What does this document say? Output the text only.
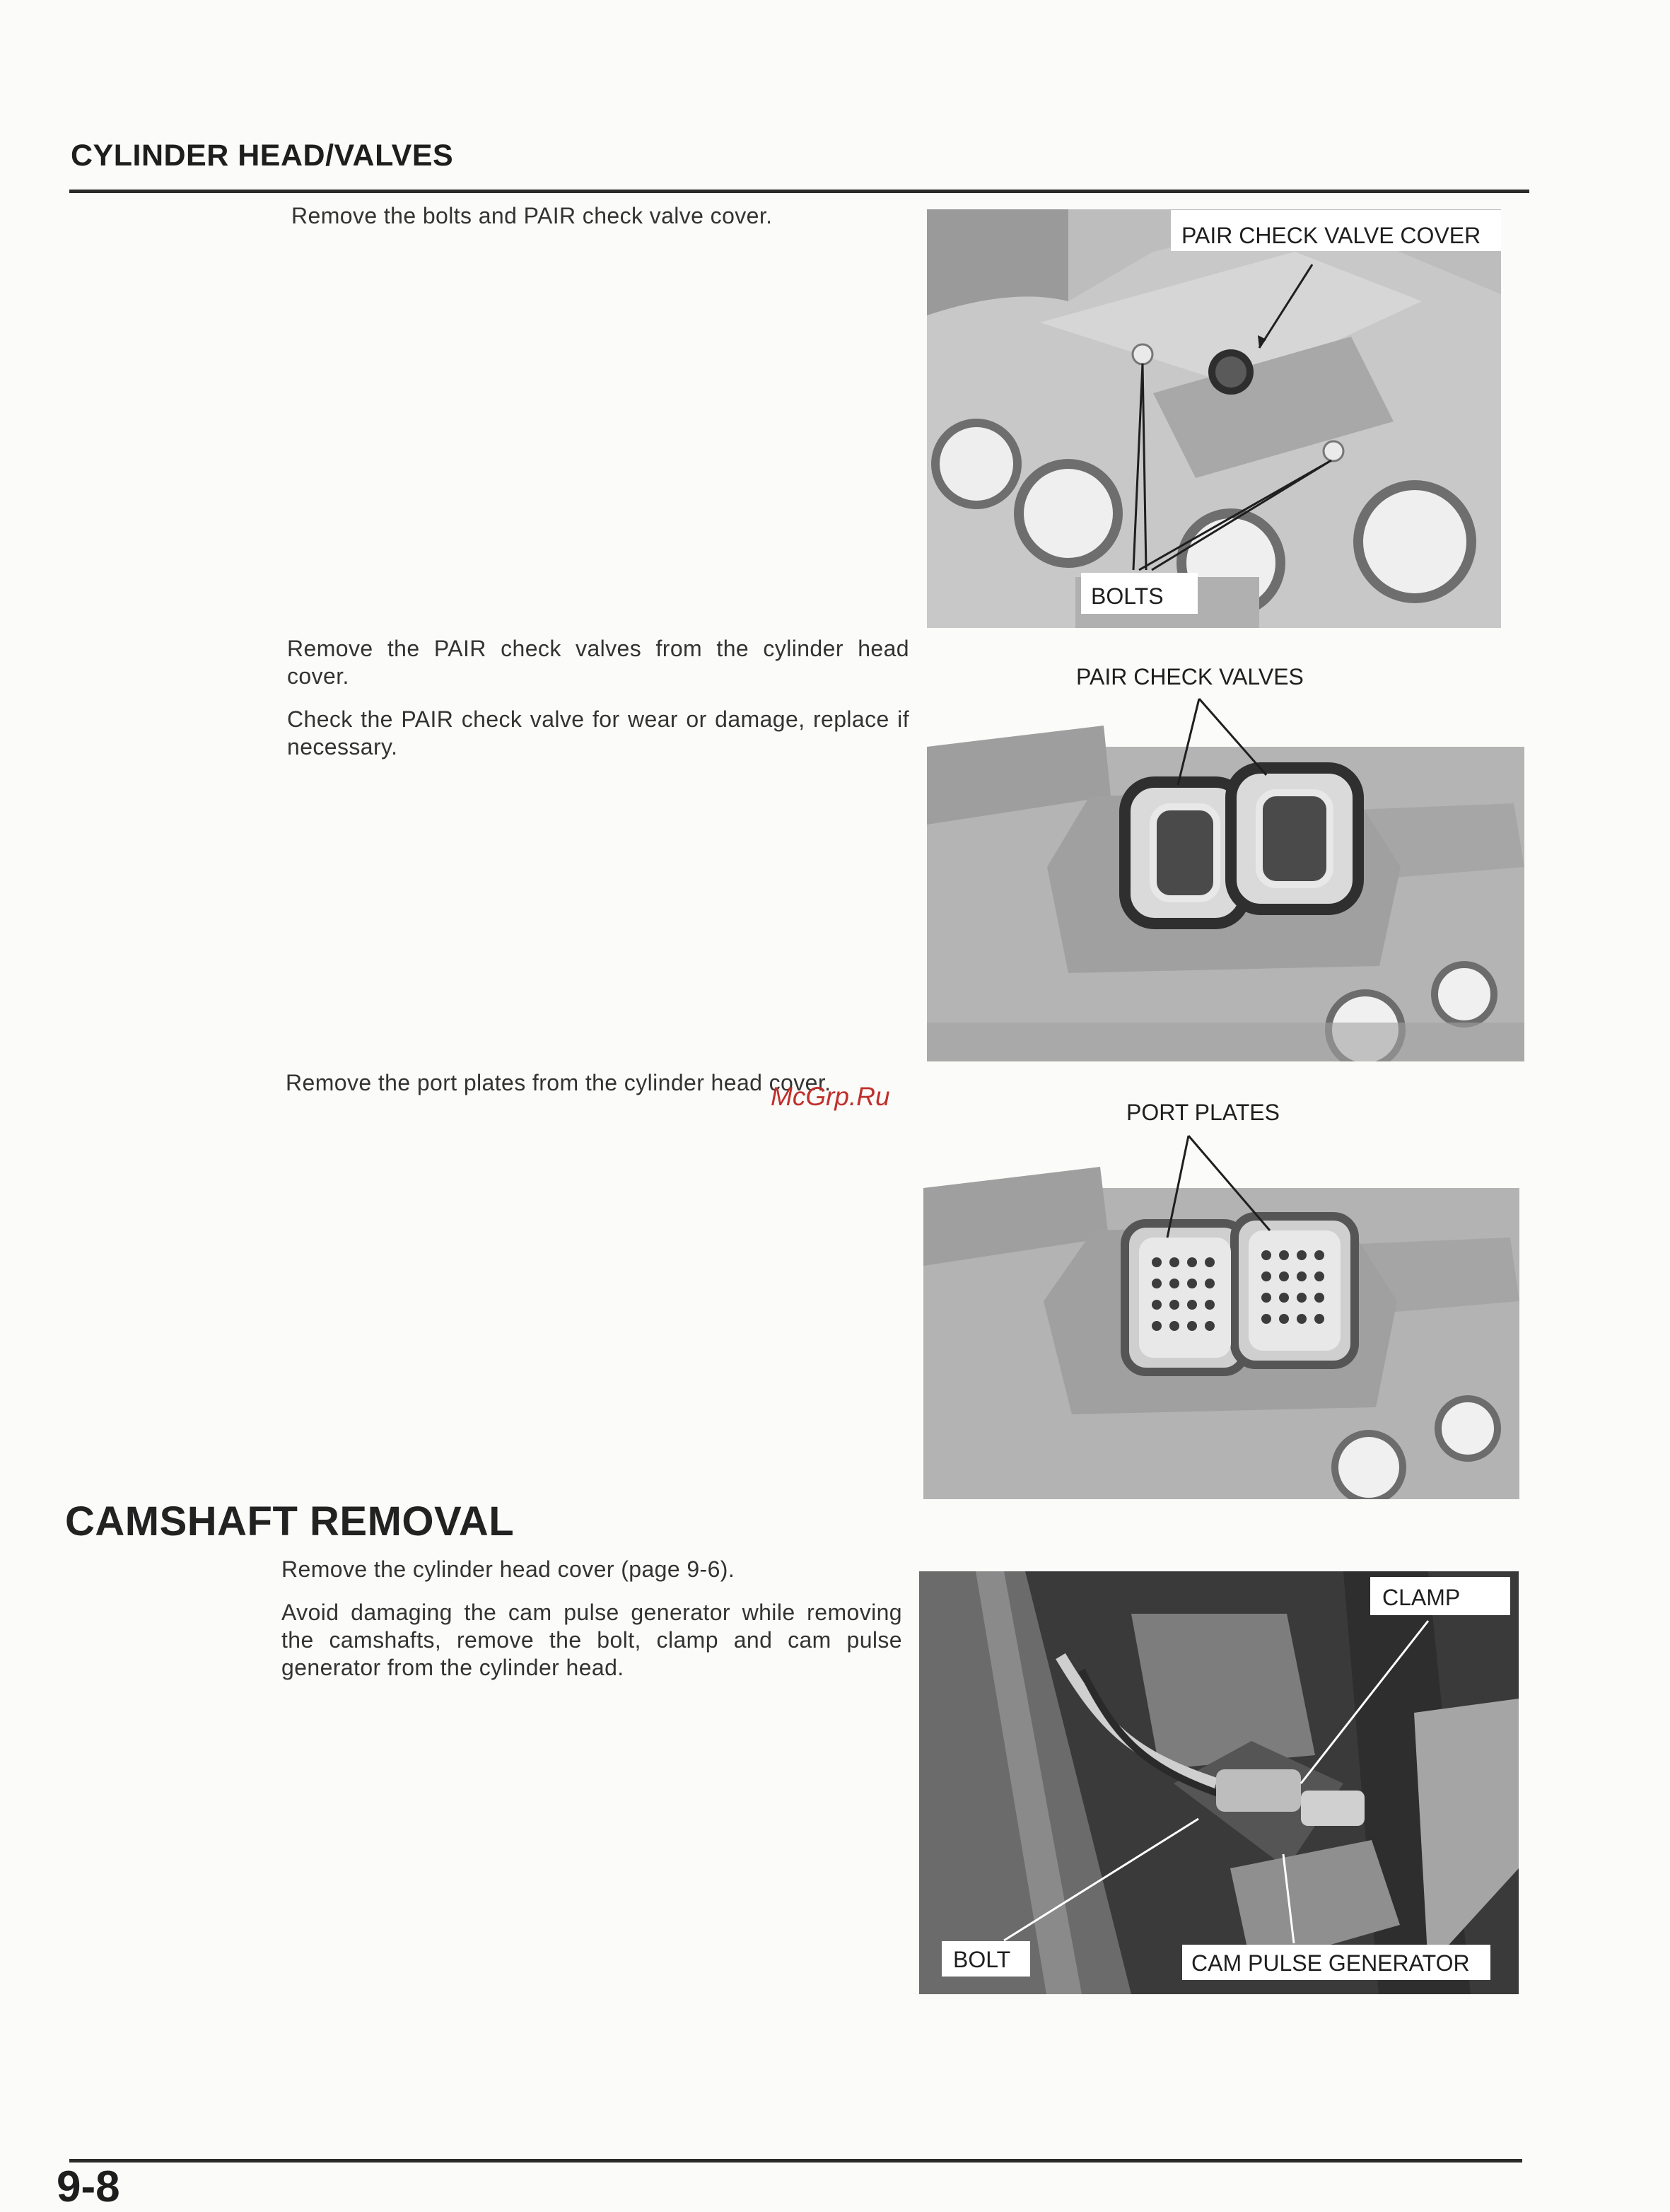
CYLINDER HEAD/VALVES

Remove the bolts and PAIR check valve cover.

PAIR CHECK VALVE COVER
BOLTS

Remove the PAIR check valves from the cylinder head cover.

Check the PAIR check valve for wear or damage, replace if necessary.

PAIR CHECK VALVES

Remove the port plates from the cylinder head cover.

McGrp.Ru
PORT PLATES
CAMSHAFT REMOVAL

Remove the cylinder head cover (page 9-6).

Avoid damaging the cam pulse generator while removing the camshafts, remove the bolt, clamp and cam pulse generator from the cylinder head.

CLAMP
BOLT	CAM PULSE GENERATOR
9-8
